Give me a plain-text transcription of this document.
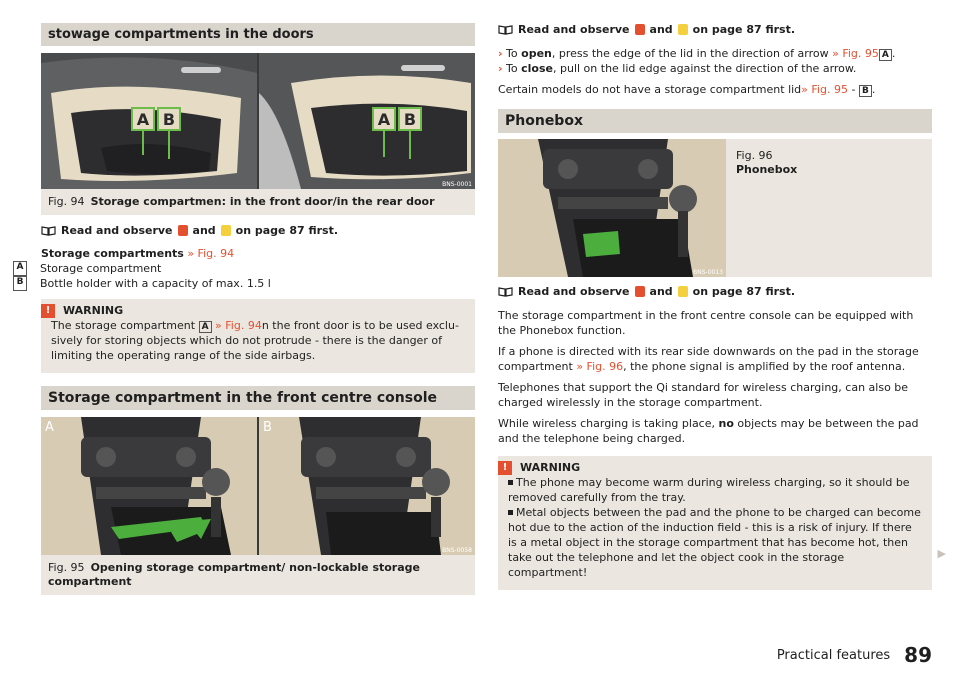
stowage compartments in the doors
A B	A B
BNS-0001
Fig. 94 Storage compartmen: in the front door/in the rear door
Read and observe and on page 87 first.

Storage compartments » Fig. 94

A	Storage compartment
B	Bottle holder with a capacity of max. 1.5 l
!	WARNING
The storage compartment A » Fig. 94n the front door is to be used exclusively for storing objects which do not protrude - there is the danger of limiting the operating range of the side airbags.
Storage compartment in the front centre console
A	B
BNS-0058
Fig. 95 Opening storage compartment/ non-lockable storage compartment
Read and observe and on page 87 first.

› To open, press the edge of the lid in the direction of arrow » Fig. 95 A .

› To close, pull on the lid edge against the direction of the arrow.

Certain models do not have a storage compartment lid» Fig. 95 - B .

Phonebox
BNS-0013
Fig. 96
Phonebox
Read and observe and on page 87 first.

The storage compartment in the front centre console can be equipped with the Phonebox function.

If a phone is directed with its rear side downwards on the pad in the storage compartment » Fig. 96, the phone signal is amplified by the roof antenna.

Telephones that support the Qi standard for wireless charging, can also be charged wirelessly in the storage compartment.

While wireless charging is taking place, no objects may be between the pad and the telephone being charged.

!	WARNING
The phone may become warm during wireless charging, so it should be removed carefully from the tray.
Metal objects between the pad and the phone to be charged can become hot due to the action of the induction field - this is a risk of injury. If there is a metal object in the storage compartment that has become hot, then take out the telephone and let the object cook in the storage compartment!
▶
Practical features 89
